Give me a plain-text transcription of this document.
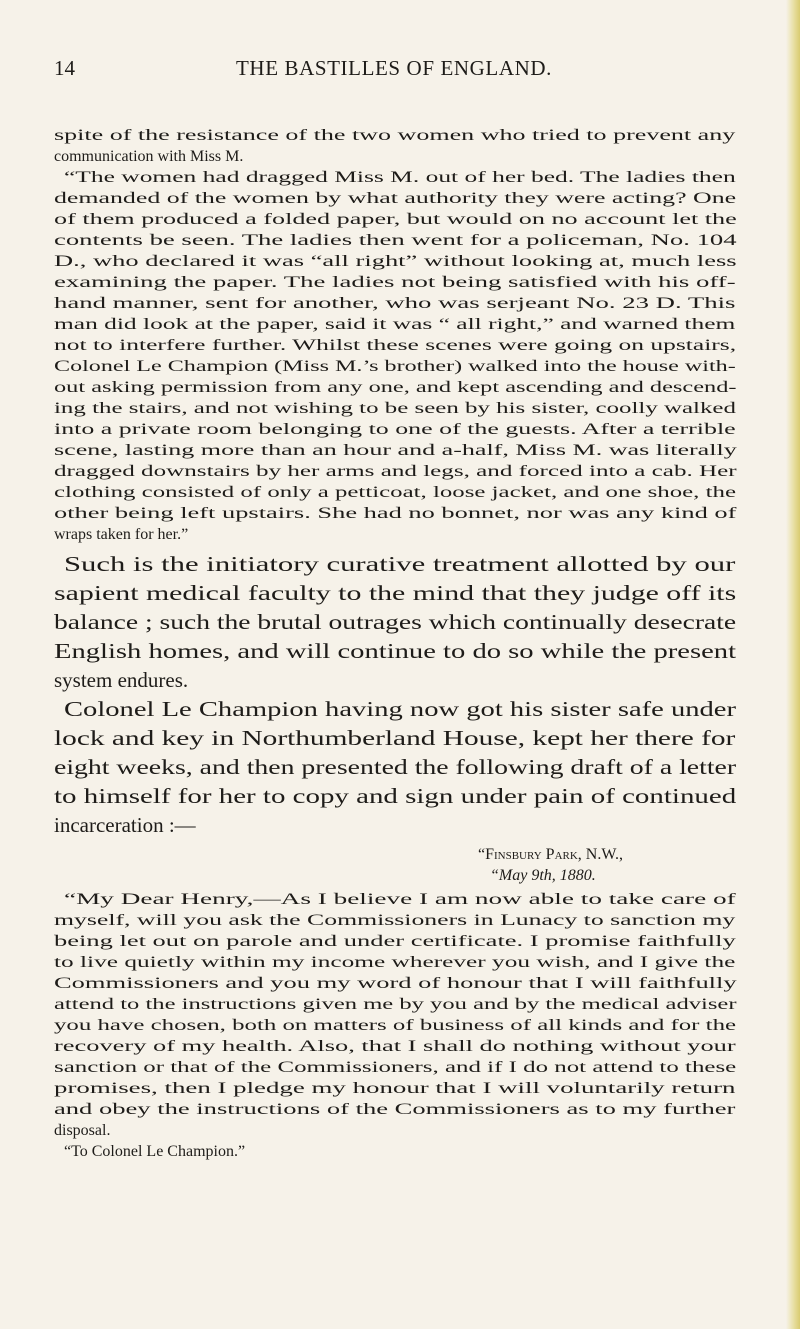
14	THE BASTILLES OF ENGLAND.
spite of the resistance of the two women who tried to prevent any
communication with Miss M.
“The women had dragged Miss M. out of her bed. The ladies then
demanded of the women by what authority they were acting? One
of them produced a folded paper, but would on no account let the
contents be seen. The ladies then went for a policeman, No. 104
D., who declared it was “all right” without looking at, much less
examining the paper. The ladies not being satisfied with his off-
hand manner, sent for another, who was serjeant No. 23 D. This
man did look at the paper, said it was “ all right,” and warned them
not to interfere further. Whilst these scenes were going on upstairs,
Colonel Le Champion (Miss M.’s brother) walked into the house with-
out asking permission from any one, and kept ascending and descend-
ing the stairs, and not wishing to be seen by his sister, coolly walked
into a private room belonging to one of the guests. After a terrible
scene, lasting more than an hour and a-half, Miss M. was literally
dragged downstairs by her arms and legs, and forced into a cab. Her
clothing consisted of only a petticoat, loose jacket, and one shoe, the
other being left upstairs. She had no bonnet, nor was any kind of
wraps taken for her.”
Such is the initiatory curative treatment allotted by our
sapient medical faculty to the mind that they judge off its
balance ; such the brutal outrages which continually desecrate
English homes, and will continue to do so while the present
system endures.
Colonel Le Champion having now got his sister safe under
lock and key in Northumberland House, kept her there for
eight weeks, and then presented the following draft of a letter
to himself for her to copy and sign under pain of continued
incarceration :—
“Finsbury Park, N.W.,
“May 9th, 1880.
“My Dear Henry,—As I believe I am now able to take care of
myself, will you ask the Commissioners in Lunacy to sanction my
being let out on parole and under certificate. I promise faithfully
to live quietly within my income wherever you wish, and I give the
Commissioners and you my word of honour that I will faithfully
attend to the instructions given me by you and by the medical adviser
you have chosen, both on matters of business of all kinds and for the
recovery of my health. Also, that I shall do nothing without your
sanction or that of the Commissioners, and if I do not attend to these
promises, then I pledge my honour that I will voluntarily return
and obey the instructions of the Commissioners as to my further
disposal.
“To Colonel Le Champion.”
